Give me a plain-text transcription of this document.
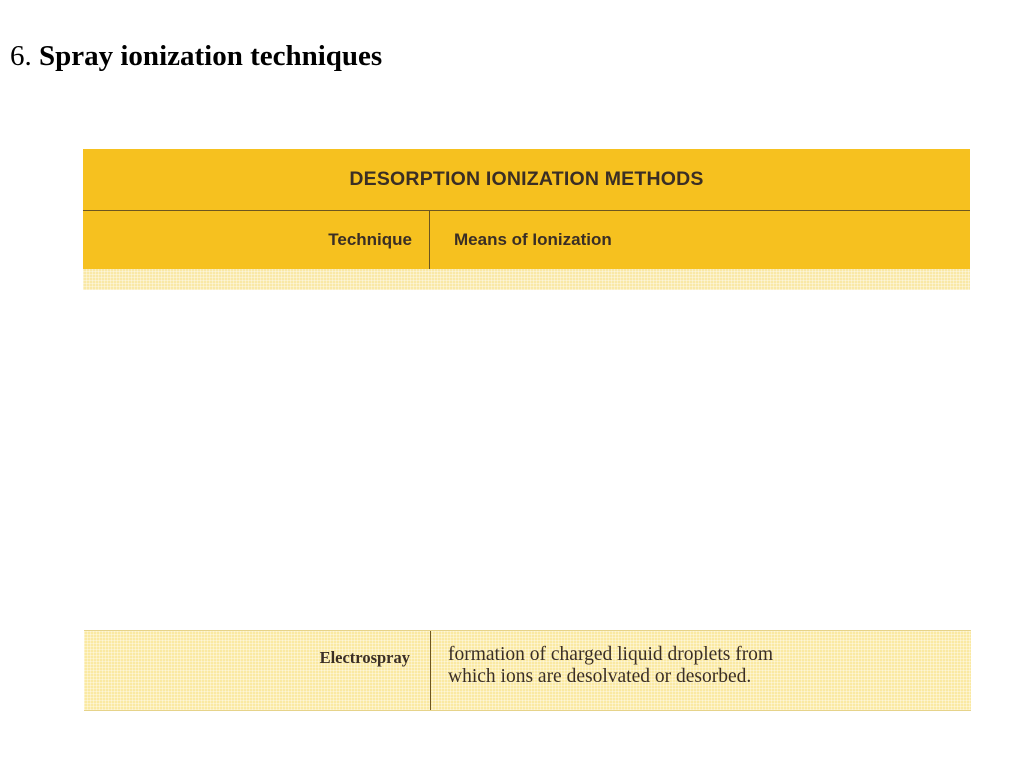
6. Spray ionization techniques
DESORPTION IONIZATION METHODS
Technique Means of Ionization
Electrospray formation of charged liquid droplets from
which ions are desolvated or desorbed.
